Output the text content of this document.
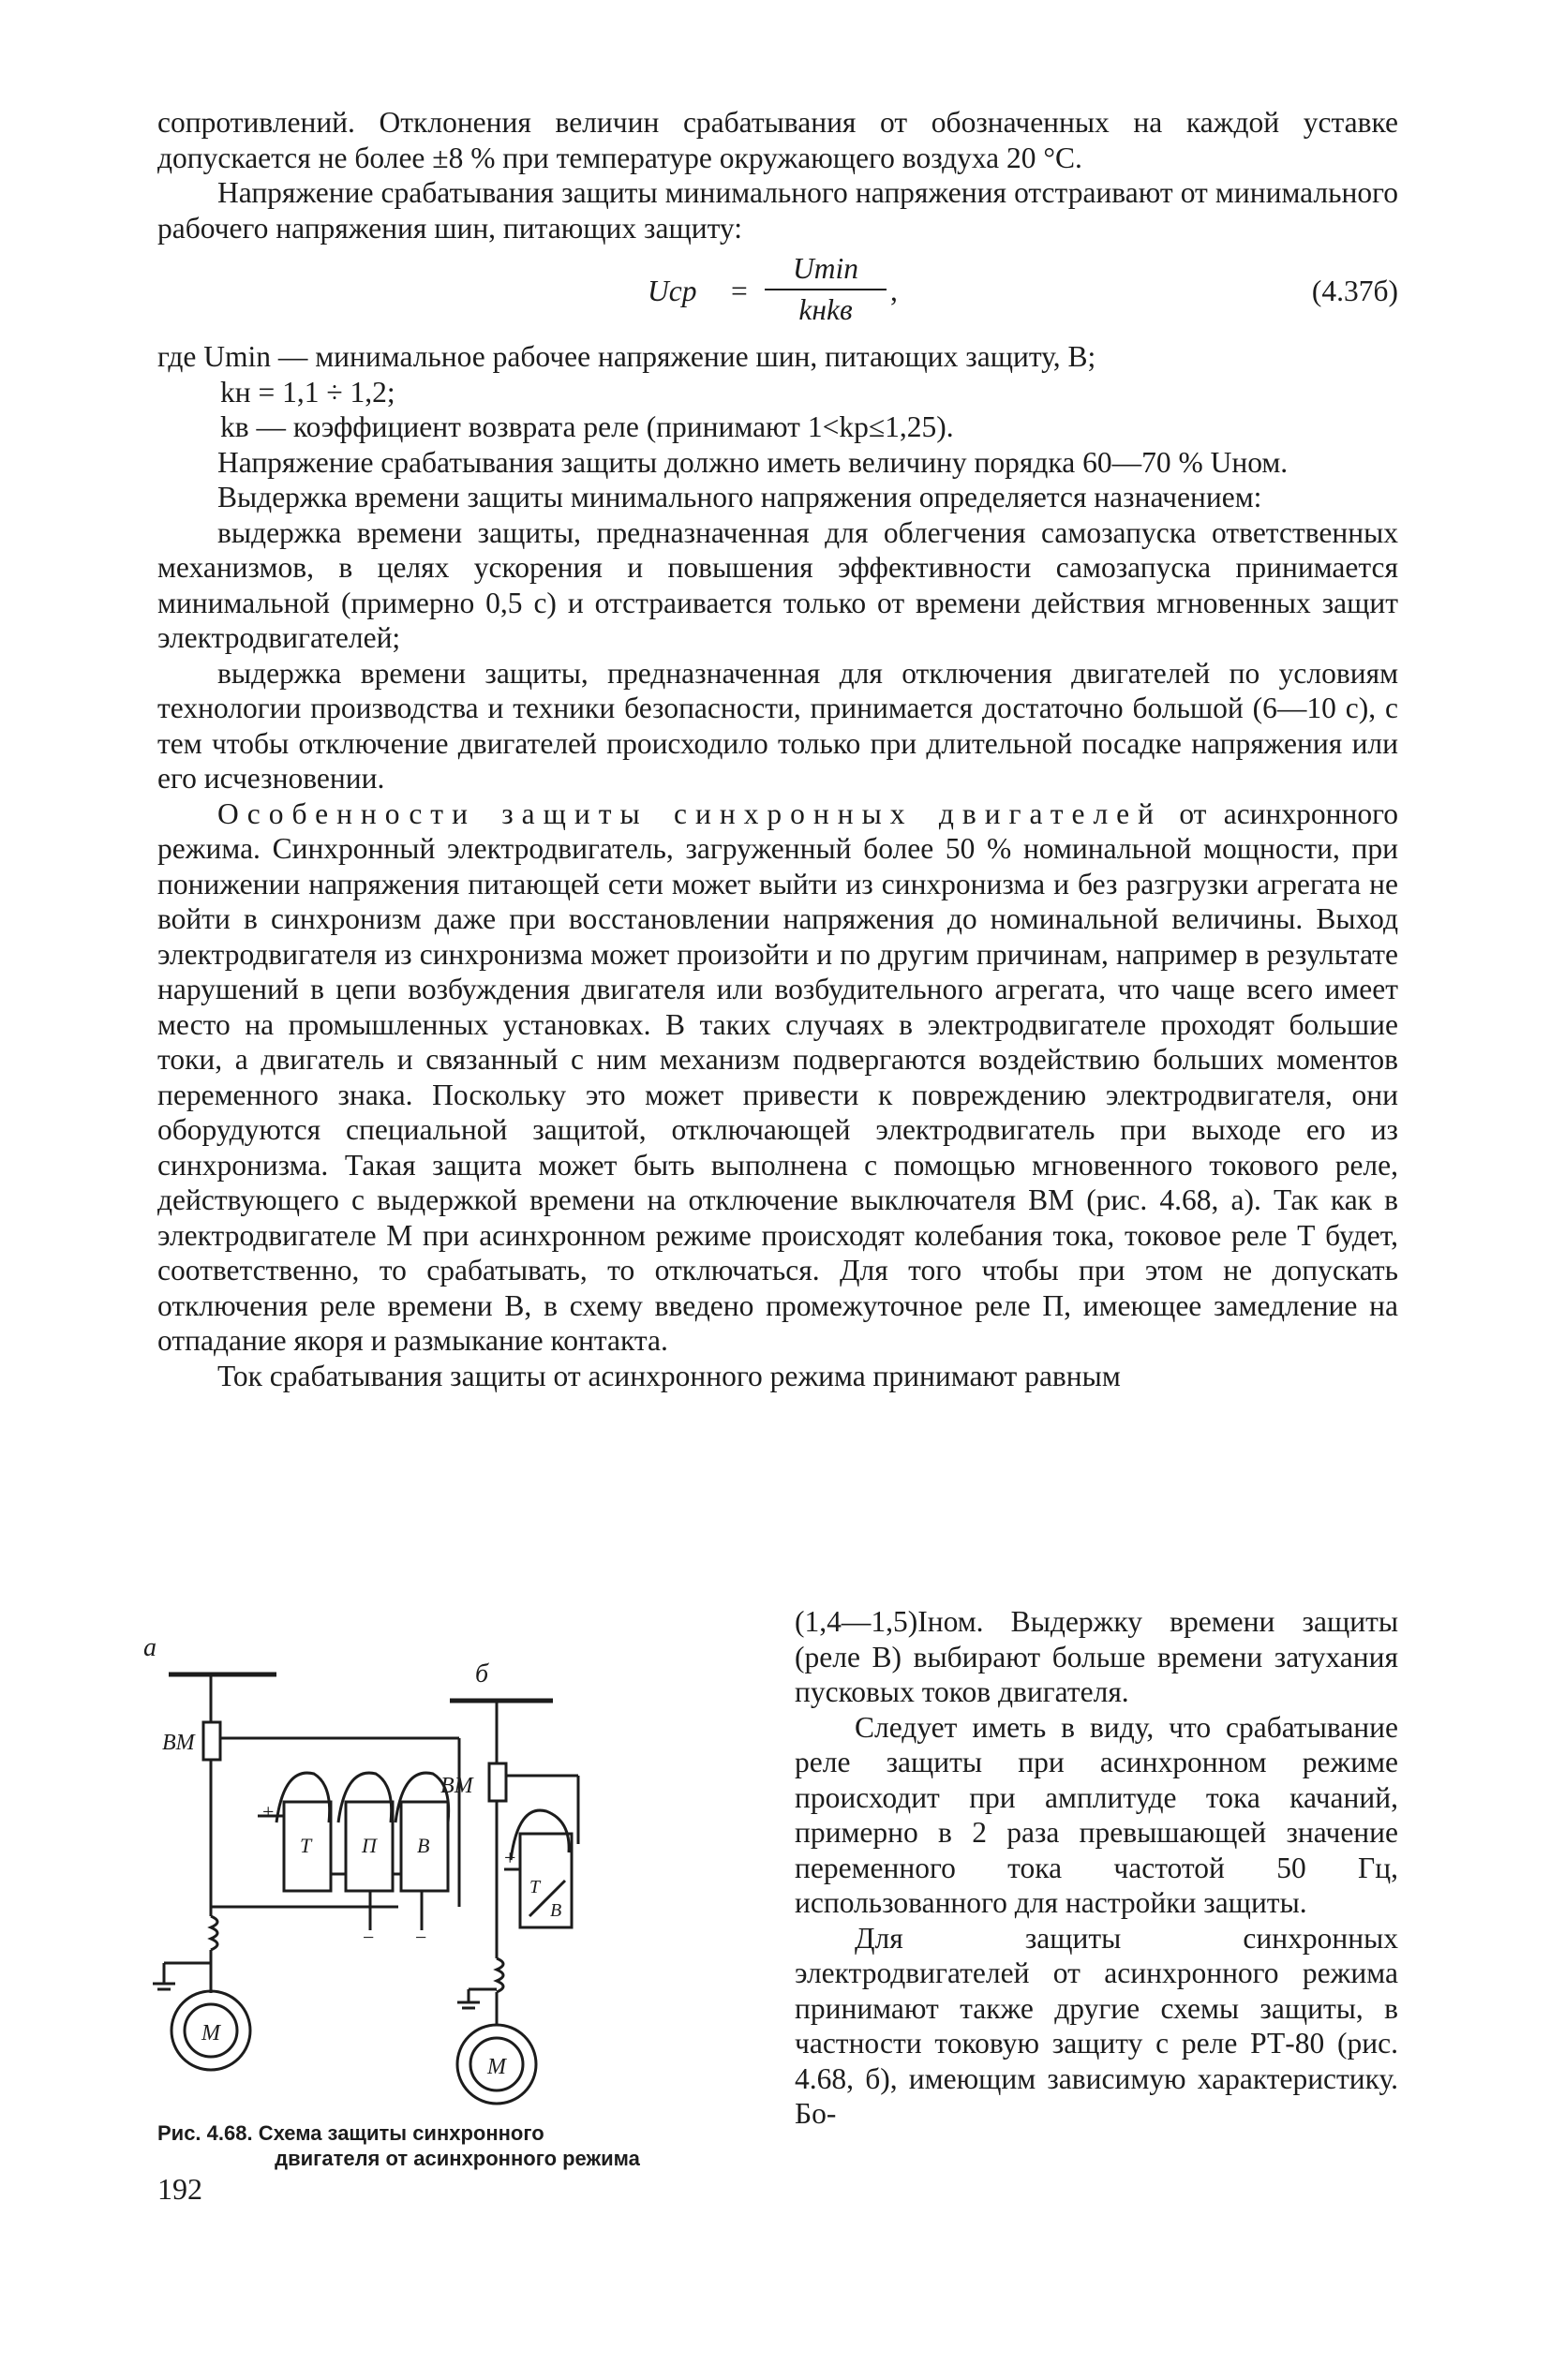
сопротивлений. Отклонения величин срабатывания от обозначенных на каждой уставке допускается не более ±8 % при температуре окружающего воздуха 20 °С.

Напряжение срабатывания защиты минимального напряжения отстраивают от минимального рабочего напряжения шин, питающих защиту:

Uср =
Umin
kнkв
,	(4.37б)

где Umin — минимальное рабочее напряжение шин, питающих защиту, В;

kн = 1,1 ÷ 1,2;

kв — коэффициент возврата реле (принимают 1<kр≤1,25).

Напряжение срабатывания защиты должно иметь величину порядка 60—70 % Uном.

Выдержка времени защиты минимального напряжения определяется назначением:

выдержка времени защиты, предназначенная для облегчения самозапуска ответственных механизмов, в целях ускорения и повышения эффективности самозапуска принимается минимальной (примерно 0,5 с) и отстраивается только от времени действия мгновенных защит электродвигателей;

выдержка времени защиты, предназначенная для отключения двигателей по условиям технологии производства и техники безопасности, принимается достаточно большой (6—10 с), с тем чтобы отключение двигателей происходило только при длительной посадке напряжения или его исчезновении.

Особенности защиты синхронных двигателей от асинхронного режима. Синхронный электродвигатель, загруженный более 50 % номинальной мощности, при понижении напряжения питающей сети может выйти из синхронизма и без разгрузки агрегата не войти в синхронизм даже при восстановлении напряжения до номинальной величины. Выход электродвигателя из синхронизма может произойти и по другим причинам, например в результате нарушений в цепи возбуждения двигателя или возбудительного агрегата, что чаще всего имеет место на промышленных установках. В таких случаях в электродвигателе проходят большие токи, а двигатель и связанный с ним механизм подвергаются воздействию больших моментов переменного знака. Поскольку это может привести к повреждению электродвигателя, они оборудуются специальной защитой, отключающей электродвигатель при выходе его из синхронизма. Такая защита может быть выполнена с помощью мгновенного токового реле, действующего с выдержкой времени на отключение выключателя ВМ (рис. 4.68, а). Так как в электродвигателе М при асинхронном режиме происходят колебания тока, токовое реле Т будет, соответственно, то срабатывать, то отключаться. Для того чтобы при этом не допускать отключения реле времени В, в схему введено промежуточное реле П, имеющее замедление на отпадание якоря и размыкание контакта.

Ток срабатывания защиты от асинхронного режима принимают равным

(1,4—1,5)Iном. Выдержку времени защиты (реле В) выбирают больше времени затухания пусковых токов двигателя.

Следует иметь в виду, что срабатывание реле защиты при асинхронном режиме происходит при амплитуде тока качаний, примерно в 2 раза превышающей значение переменного тока частотой 50 Гц, использованного для настройки защиты.

Для защиты синхронных электродвигателей от асинхронного режима принимают также другие схемы защиты, в частности токовую защиту с реле РТ-80 (рис. 4.68, б), имеющим зависимую характеристику. Бо-

а
б
ВМ
ВМ
Т П В
Т
В
М
М
+
+
− −
Рис. 4.68. Схема защиты синхронного
двигателя от асинхронного режима
192
